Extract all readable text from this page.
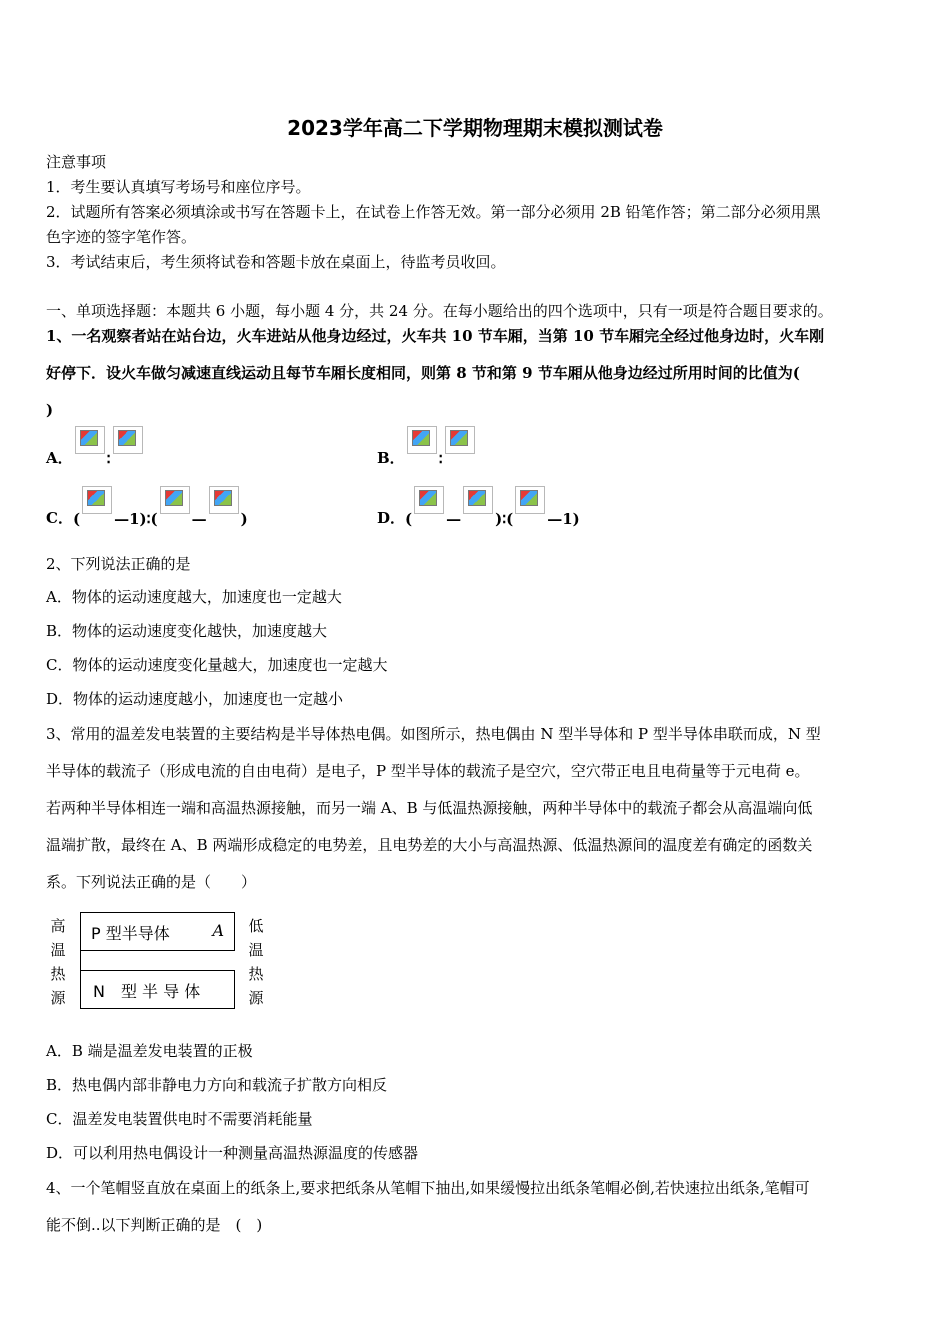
2023学年高二下学期物理期末模拟测试卷
注意事项
1．考生要认真填写考场号和座位序号。
2．试题所有答案必须填涂或书写在答题卡上，在试卷上作答无效。第一部分必须用 2B 铅笔作答；第二部分必须用黑
色字迹的签字笔作答。
3．考试结束后，考生须将试卷和答题卡放在桌面上，待监考员收回。
一、单项选择题：本题共 6 小题，每小题 4 分，共 24 分。在每小题给出的四个选项中，只有一项是符合题目要求的。
1、一名观察者站在站台边，火车进站从他身边经过，火车共 10 节车厢，当第 10 节车厢完全经过他身边时，火车刚
好停下．设火车做匀减速直线运动且每节车厢长度相同，则第 8 节和第 9 节车厢从他身边经过所用时间的比值为(
)
A． ∶	B． ∶
C． ( —1)∶( — )	D． ( — )∶( —1)
2、下列说法正确的是
A．物体的运动速度越大，加速度也一定越大
B．物体的运动速度变化越快，加速度越大
C．物体的运动速度变化量越大，加速度也一定越大
D．物体的运动速度越小，加速度也一定越小
3、常用的温差发电装置的主要结构是半导体热电偶。如图所示，热电偶由 N 型半导体和 P 型半导体串联而成，N 型
半导体的载流子（形成电流的自由电荷）是电子，P 型半导体的载流子是空穴，空穴带正电且电荷量等于元电荷 e。
若两种半导体相连一端和高温热源接触，而另一端 A、B 与低温热源接触，两种半导体中的载流子都会从高温端向低
温端扩散，最终在 A、B 两端形成稳定的电势差，且电势差的大小与高温热源、低温热源间的温度差有确定的函数关
系。下列说法正确的是（　　）
高
温
热
源
P 型半导体	A
N　型 半 导 体
低
温
热
源
A．B 端是温差发电装置的正极
B．热电偶内部非静电力方向和载流子扩散方向相反
C．温差发电装置供电时不需要消耗能量
D．可以利用热电偶设计一种测量高温热源温度的传感器
4、一个笔帽竖直放在桌面上的纸条上,要求把纸条从笔帽下抽出,如果缓慢拉出纸条笔帽必倒,若快速拉出纸条,笔帽可
能不倒..以下判断正确的是　(　)
